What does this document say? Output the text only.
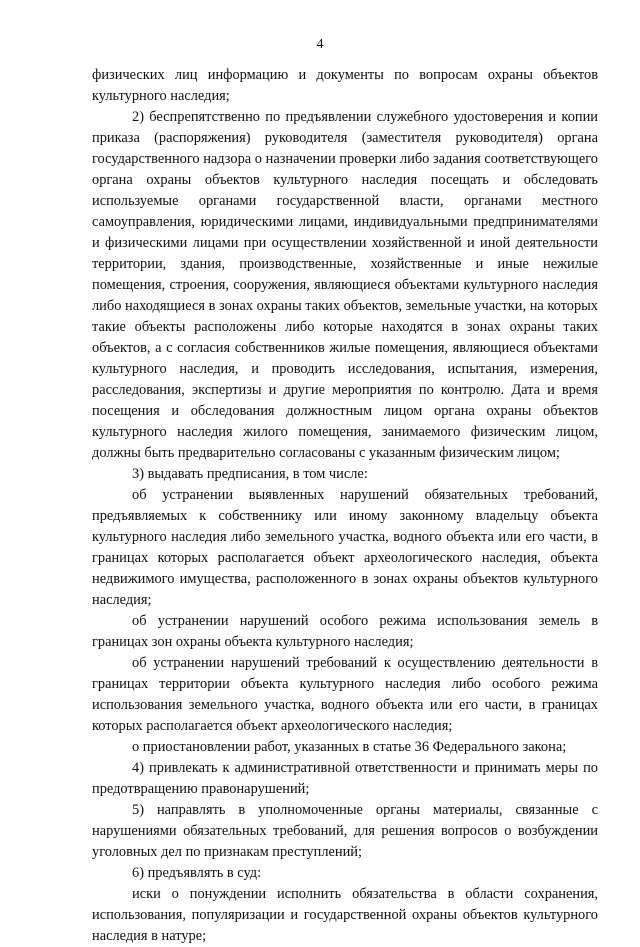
4

физических лиц информацию и документы по вопросам охраны объектов культурного наследия;

2) беспрепятственно по предъявлении служебного удостоверения и копии приказа (распоряжения) руководителя (заместителя руководителя) органа государственного надзора о назначении проверки либо задания соответствующего органа охраны объектов культурного наследия посещать и обследовать используемые органами государственной власти, органами местного самоуправления, юридическими лицами, индивидуальными предпринимателями и физическими лицами при осуществлении хозяйственной и иной деятельности территории, здания, производственные, хозяйственные и иные нежилые помещения, строения, сооружения, являющиеся объектами культурного наследия либо находящиеся в зонах охраны таких объектов, земельные участки, на которых такие объекты расположены либо которые находятся в зонах охраны таких объектов, а с согласия собственников жилые помещения, являющиеся объектами культурного наследия, и проводить исследования, испытания, измерения, расследования, экспертизы и другие мероприятия по контролю. Дата и время посещения и обследования должностным лицом органа охраны объектов культурного наследия жилого помещения, занимаемого физическим лицом, должны быть предварительно согласованы с указанным физическим лицом;

3) выдавать предписания, в том числе:

об устранении выявленных нарушений обязательных требований, предъявляемых к собственнику или иному законному владельцу объекта культурного наследия либо земельного участка, водного объекта или его части, в границах которых располагается объект археологического наследия, объекта недвижимого имущества, расположенного в зонах охраны объектов культурного наследия;

об устранении нарушений особого режима использования земель в границах зон охраны объекта культурного наследия;

об устранении нарушений требований к осуществлению деятельности в границах территории объекта культурного наследия либо особого режима использования земельного участка, водного объекта или его части, в границах которых располагается объект археологического наследия;

о приостановлении работ, указанных в статье 36 Федерального закона;

4) привлекать к административной ответственности и принимать меры по предотвращению правонарушений;

5) направлять в уполномоченные органы материалы, связанные с нарушениями обязательных требований, для решения вопросов о возбуждении уголовных дел по признакам преступлений;

6) предъявлять в суд:

иски о понуждении исполнить обязательства в области сохранения, использования, популяризации и государственной охраны объектов культурного наследия в натуре;
